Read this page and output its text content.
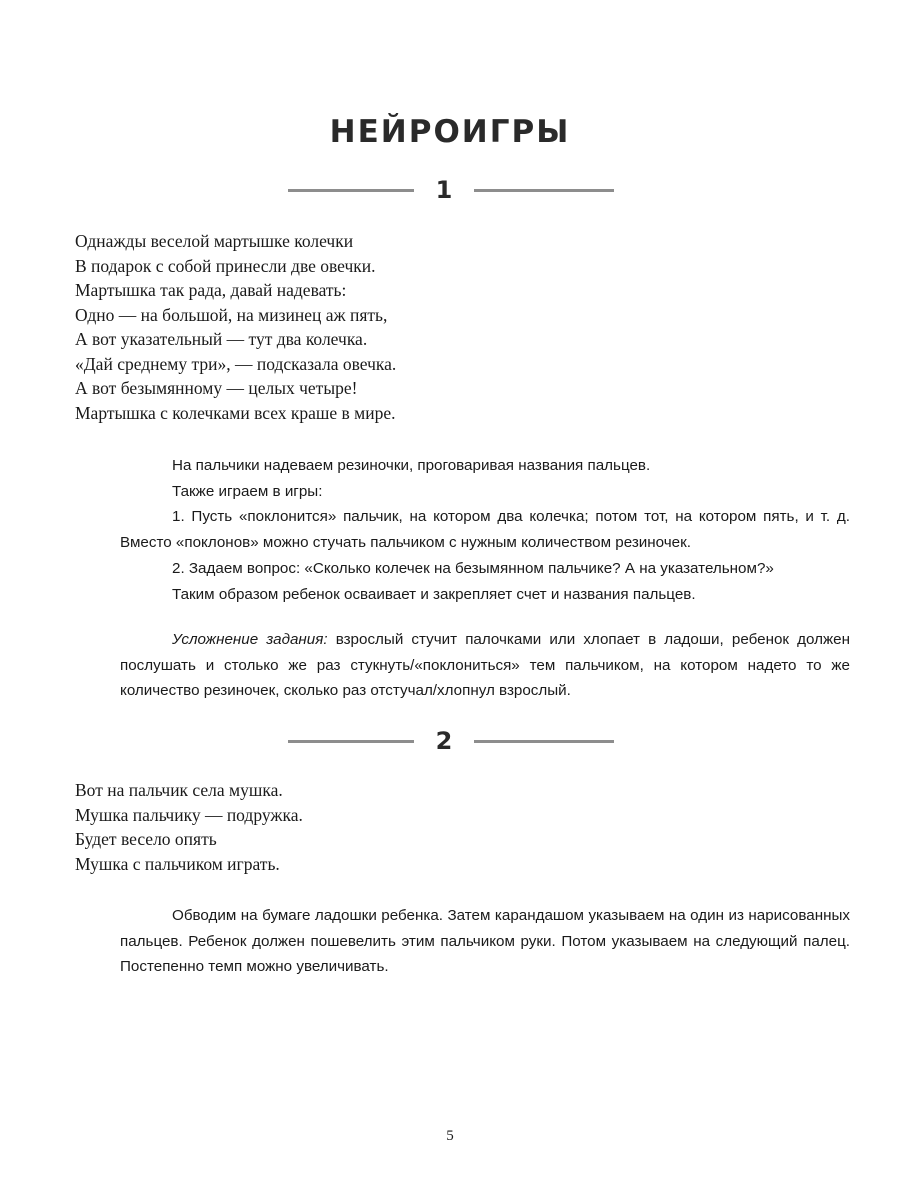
НЕЙРОИГРЫ
1
Однажды веселой мартышке колечки
В подарок с собой принесли две овечки.
Мартышка так рада, давай надевать:
Одно — на большой, на мизинец аж пять,
А вот указательный — тут два колечка.
«Дай среднему три», — подсказала овечка.
А вот безымянному — целых четыре!
Мартышка с колечками всех краше в мире.

На пальчики надеваем резиночки, проговаривая названия пальцев.

Также играем в игры:

1. Пусть «поклонится» пальчик, на котором два колечка; потом тот, на котором пять, и т. д. Вместо «поклонов» можно стучать пальчиком с нужным количеством резиночек.

2. Задаем вопрос: «Сколько колечек на безымянном пальчике? А на указательном?»

Таким образом ребенок осваивает и закрепляет счет и названия пальцев.

Усложнение задания: взрослый стучит палочками или хлопает в ладоши, ребенок должен послушать и столько же раз стукнуть/«поклониться» тем пальчиком, на котором надето то же количество резиночек, сколько раз отстучал/хлопнул взрослый.
2
Вот на пальчик села мушка.
Мушка пальчику — подружка.
Будет весело опять
Мушка с пальчиком играть.
Обводим на бумаге ладошки ребенка. Затем карандашом указываем на один из нарисованных пальцев. Ребенок должен пошевелить этим пальчиком руки. Потом указываем на следующий палец. Постепенно темп можно увеличивать.
5
